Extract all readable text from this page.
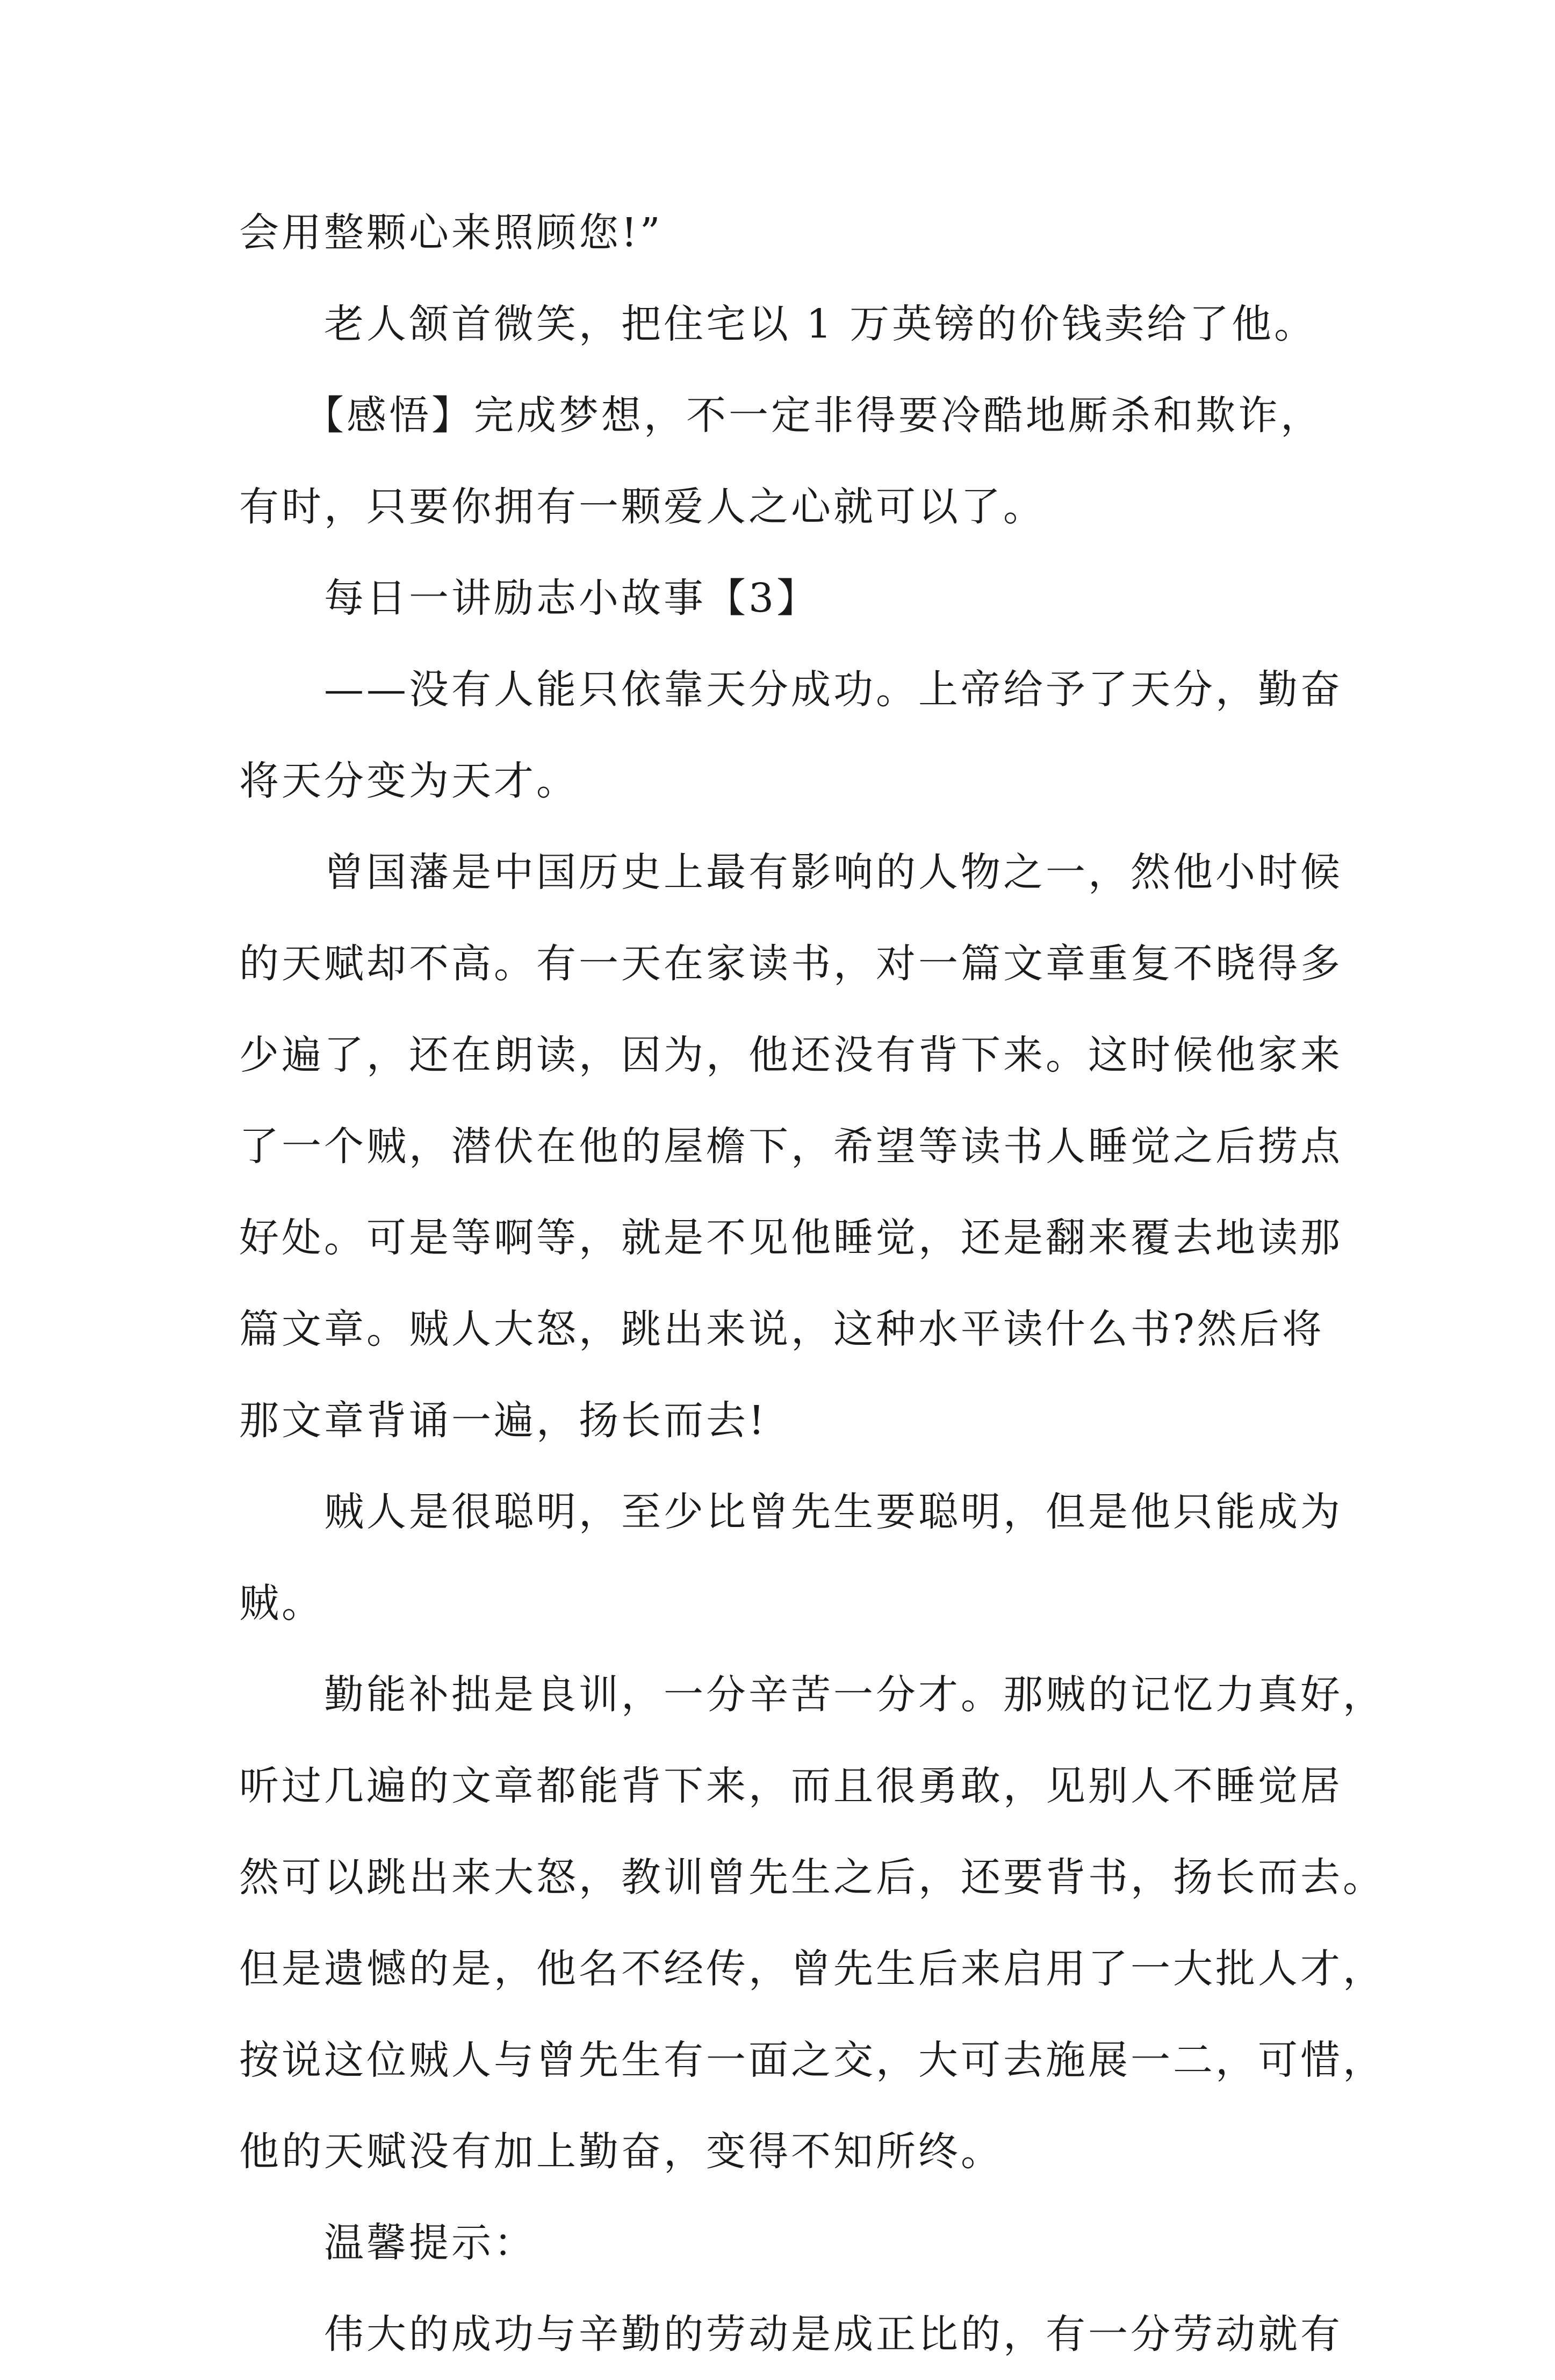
会用整颗心来照顾您!”
　　老人颔首微笑，把住宅以 1 万英镑的价钱卖给了他。
　　【感悟】完成梦想，不一定非得要冷酷地厮杀和欺诈，
有时，只要你拥有一颗爱人之心就可以了。
　　每日一讲励志小故事【3】
　　——没有人能只依靠天分成功。上帝给予了天分，勤奋
将天分变为天才。
　　曾国藩是中国历史上最有影响的人物之一，然他小时候
的天赋却不高。有一天在家读书，对一篇文章重复不晓得多
少遍了，还在朗读，因为，他还没有背下来。这时候他家来
了一个贼，潜伏在他的屋檐下，希望等读书人睡觉之后捞点
好处。可是等啊等，就是不见他睡觉，还是翻来覆去地读那
篇文章。贼人大怒，跳出来说，这种水平读什么书?然后将
那文章背诵一遍，扬长而去!
　　贼人是很聪明，至少比曾先生要聪明，但是他只能成为
贼。
　　勤能补拙是良训，一分辛苦一分才。那贼的记忆力真好，
听过几遍的文章都能背下来，而且很勇敢，见别人不睡觉居
然可以跳出来大怒，教训曾先生之后，还要背书，扬长而去。
但是遗憾的是，他名不经传，曾先生后来启用了一大批人才，
按说这位贼人与曾先生有一面之交，大可去施展一二，可惜，
他的天赋没有加上勤奋，变得不知所终。
　　温馨提示：
　　伟大的成功与辛勤的劳动是成正比的，有一分劳动就有
